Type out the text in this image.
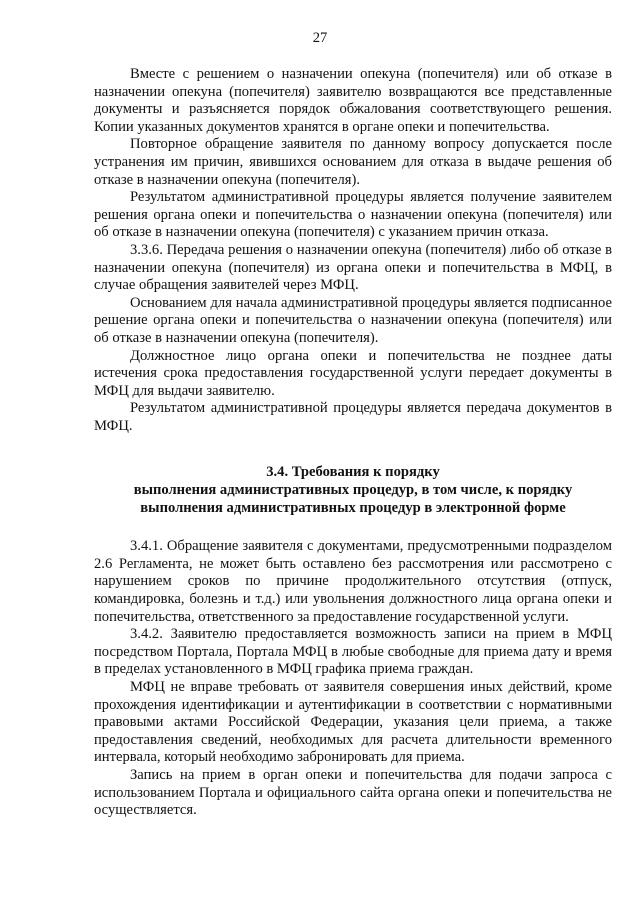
27

Вместе с решением о назначении опекуна (попечителя) или об отказе в назначении опекуна (попечителя) заявителю возвращаются все представленные документы и разъясняется порядок обжалования соответствующего решения. Копии указанных документов хранятся в органе опеки и попечительства.

Повторное обращение заявителя по данному вопросу допускается после устранения им причин, явившихся основанием для отказа в выдаче решения об отказе в назначении опекуна (попечителя).

Результатом административной процедуры является получение заявителем решения органа опеки и попечительства о назначении опекуна (попечителя) или об отказе в назначении опекуна (попечителя) с указанием причин отказа.

3.3.6. Передача решения о назначении опекуна (попечителя) либо об отказе в назначении опекуна (попечителя) из органа опеки и попечительства в МФЦ, в случае обращения заявителей через МФЦ.

Основанием для начала административной процедуры является подписанное решение органа опеки и попечительства о назначении опекуна (попечителя) или об отказе в назначении опекуна (попечителя).

Должностное лицо органа опеки и попечительства не позднее даты истечения срока предоставления государственной услуги передает документы в МФЦ для выдачи заявителю.

Результатом административной процедуры является передача документов в МФЦ.

3.4. Требования к порядку
выполнения административных процедур, в том числе, к порядку
выполнения административных процедур в электронной форме

3.4.1. Обращение заявителя с документами, предусмотренными подразделом 2.6 Регламента, не может быть оставлено без рассмотрения или рассмотрено с нарушением сроков по причине продолжительного отсутствия (отпуск, командировка, болезнь и т.д.) или увольнения должностного лица органа опеки и попечительства, ответственного за предоставление государственной услуги.

3.4.2. Заявителю предоставляется возможность записи на прием в МФЦ посредством Портала, Портала МФЦ в любые свободные для приема дату и время в пределах установленного в МФЦ графика приема граждан.

МФЦ не вправе требовать от заявителя совершения иных действий, кроме прохождения идентификации и аутентификации в соответствии с нормативными правовыми актами Российской Федерации, указания цели приема, а также предоставления сведений, необходимых для расчета длительности временного интервала, который необходимо забронировать для приема.

Запись на прием в орган опеки и попечительства для подачи запроса с использованием Портала и официального сайта органа опеки и попечительства не осуществляется.
